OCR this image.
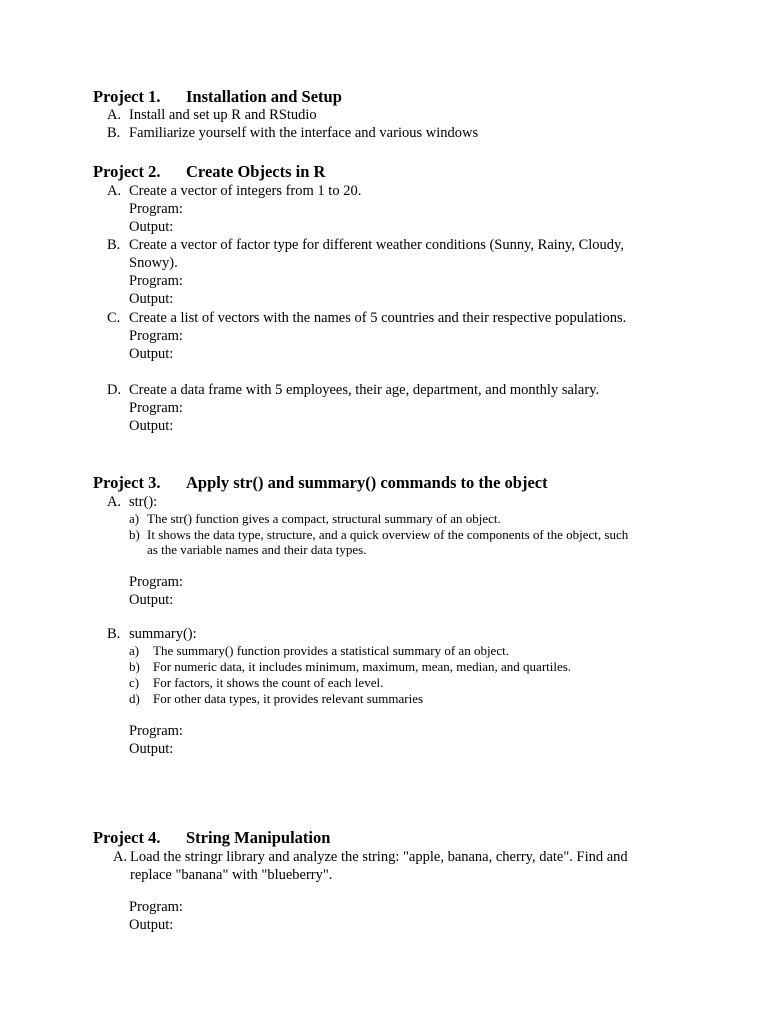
Project 1. Installation and Setup
A. Install and set up R and RStudio
B. Familiarize yourself with the interface and various windows
Project 2. Create Objects in R
A. Create a vector of integers from 1 to 20.
Program:
Output:
B. Create a vector of factor type for different weather conditions (Sunny, Rainy, Cloudy,
Snowy).
Program:
Output:
C. Create a list of vectors with the names of 5 countries and their respective populations.
Program:
Output:
D. Create a data frame with 5 employees, their age, department, and monthly salary.
Program:
Output:
Project 3. Apply str() and summary() commands to the object
A. str():
a) The str() function gives a compact, structural summary of an object.
b) It shows the data type, structure, and a quick overview of the components of the object, such
as the variable names and their data types.
Program:
Output:
B. summary():
a) The summary() function provides a statistical summary of an object.
b) For numeric data, it includes minimum, maximum, mean, median, and quartiles.
c) For factors, it shows the count of each level.
d) For other data types, it provides relevant summaries
Program:
Output:
Project 4. String Manipulation
A. Load the stringr library and analyze the string: "apple, banana, cherry, date". Find and
replace "banana" with "blueberry".
Program:
Output:
